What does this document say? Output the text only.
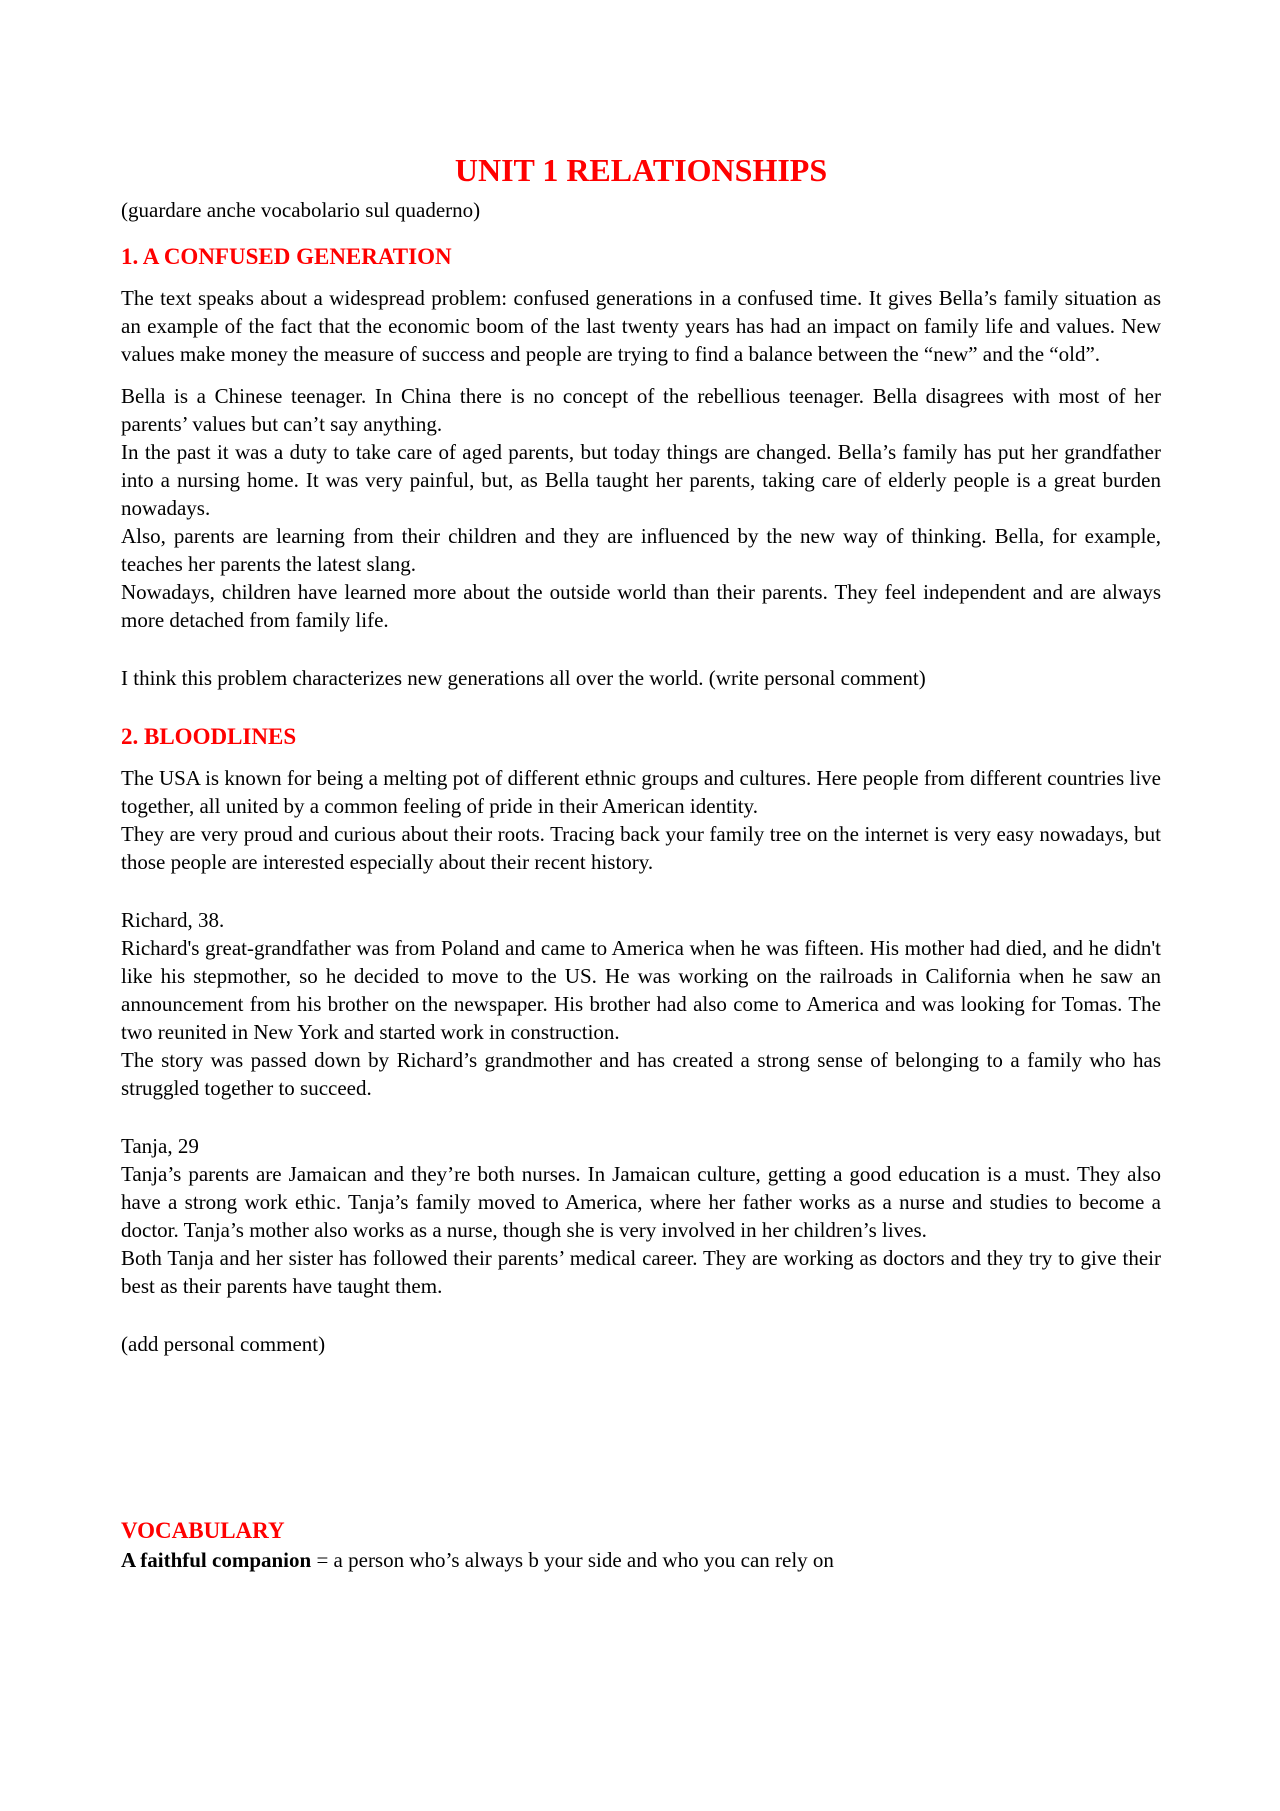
UNIT 1 RELATIONSHIPS

(guardare anche vocabolario sul quaderno)

1. A CONFUSED GENERATION

The text speaks about a widespread problem: confused generations in a confused time. It gives Bella’s family situation as an example of the fact that the economic boom of the last twenty years has had an impact on family life and values. New values make money the measure of success and people are trying to find a balance between the “new” and the “old”.

Bella is a Chinese teenager. In China there is no concept of the rebellious teenager. Bella disagrees with most of her parents’ values but can’t say anything.

In the past it was a duty to take care of aged parents, but today things are changed. Bella’s family has put her grandfather into a nursing home. It was very painful, but, as Bella taught her parents, taking care of elderly people is a great burden nowadays.

Also, parents are learning from their children and they are influenced by the new way of thinking. Bella, for example, teaches her parents the latest slang.

Nowadays, children have learned more about the outside world than their parents. They feel independent and are always more detached from family life.

I think this problem characterizes new generations all over the world. (write personal comment)

2. BLOODLINES

The USA is known for being a melting pot of different ethnic groups and cultures. Here people from different countries live together, all united by a common feeling of pride in their American identity.

They are very proud and curious about their roots. Tracing back your family tree on the internet is very easy nowadays, but those people are interested especially about their recent history.

Richard, 38.

Richard's great-grandfather was from Poland and came to America when he was fifteen. His mother had died, and he didn't like his stepmother, so he decided to move to the US. He was working on the railroads in California when he saw an announcement from his brother on the newspaper. His brother had also come to America and was looking for Tomas. The two reunited in New York and started work in construction.

The story was passed down by Richard’s grandmother and has created a strong sense of belonging to a family who has struggled together to succeed.

Tanja, 29

Tanja’s parents are Jamaican and they’re both nurses. In Jamaican culture, getting a good education is a must. They also have a strong work ethic. Tanja’s family moved to America, where her father works as a nurse and studies to become a doctor. Tanja’s mother also works as a nurse, though she is very involved in her children’s lives.

Both Tanja and her sister has followed their parents’ medical career. They are working as doctors and they try to give their best as their parents have taught them.

(add personal comment)

VOCABULARY

A faithful companion = a person who’s always b your side and who you can rely on
